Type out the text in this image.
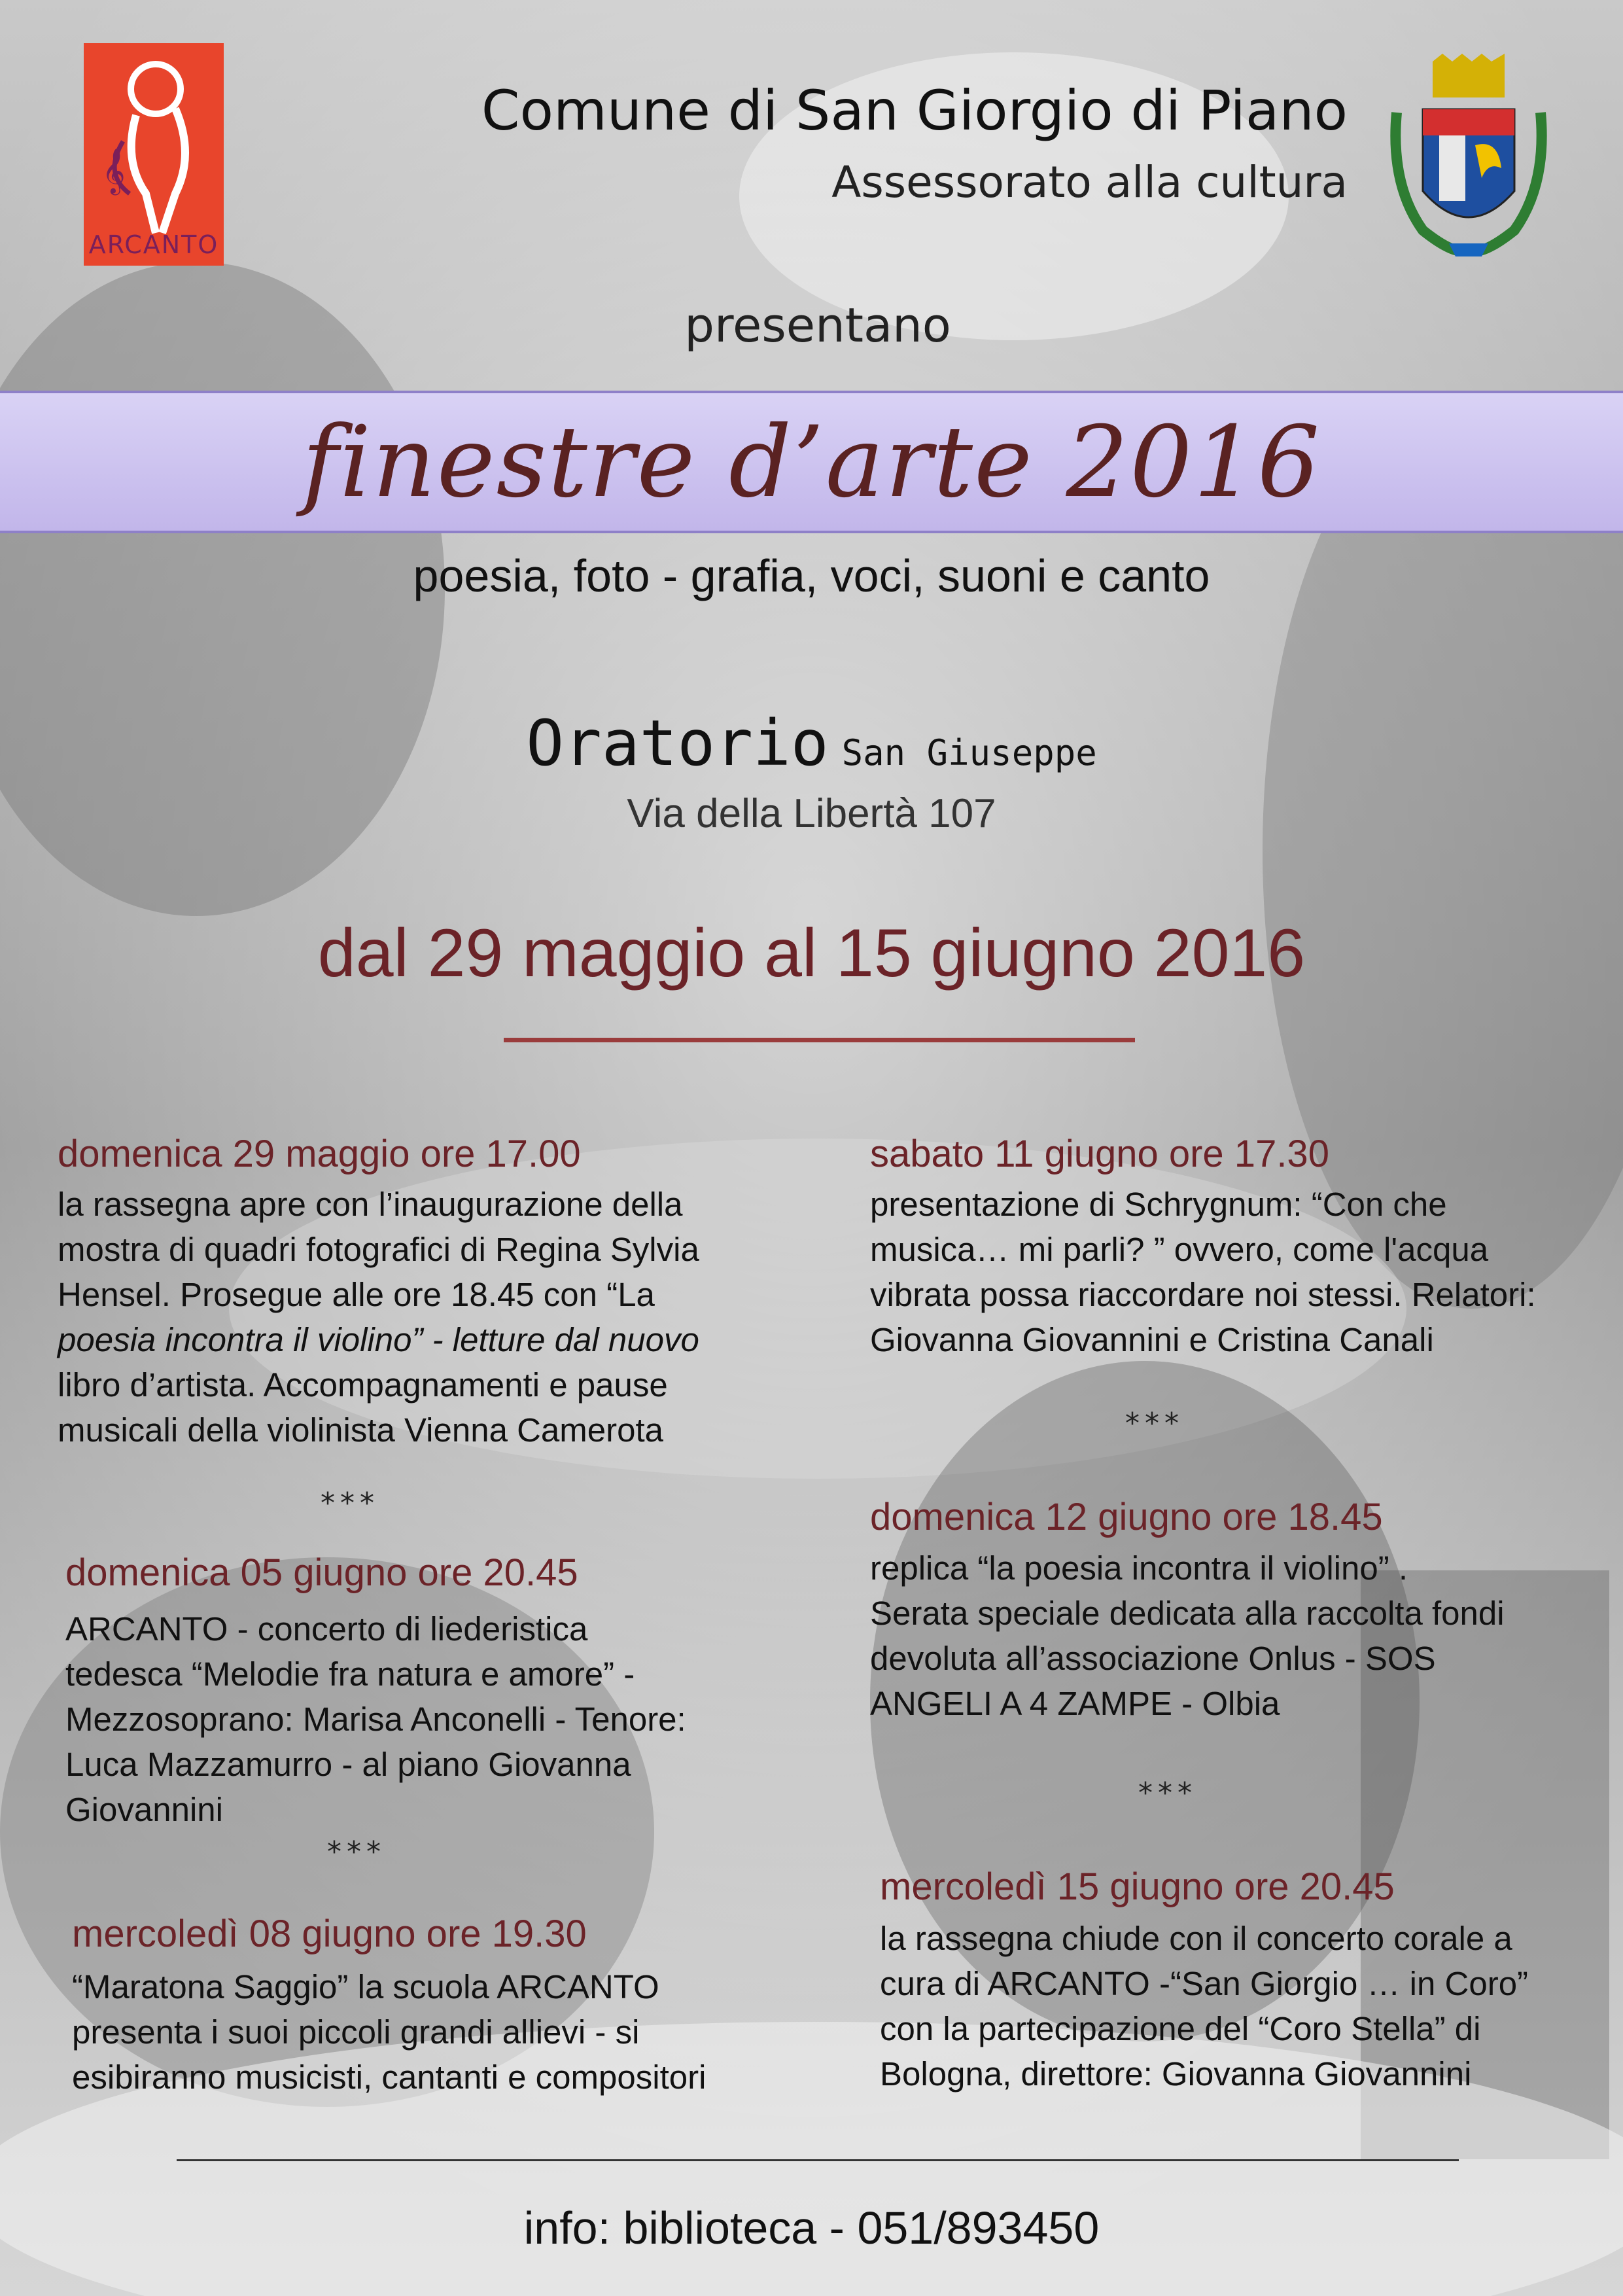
𝄞
ARCANTO
Comune di San Giorgio di Piano
Assessorato alla cultura
presentano
finestre d’arte 2016
poesia, foto - grafia, voci, suoni e canto
Oratorio San Giuseppe
Via della Libertà 107
dal 29 maggio al 15 giugno 2016
domenica 29 maggio ore 17.00
la rassegna apre con l’inaugurazione della
mostra di quadri fotografici di Regina Sylvia
Hensel. Prosegue alle ore 18.45 con “La
poesia incontra il violino” - letture dal nuovo
libro d’artista. Accompagnamenti e pause
musicali della violinista Vienna Camerota
***
domenica 05 giugno ore 20.45
ARCANTO - concerto di liederistica
tedesca “Melodie fra natura e amore” -
Mezzosoprano: Marisa Anconelli - Tenore:
Luca Mazzamurro - al piano Giovanna
Giovannini
***
mercoledì 08 giugno ore 19.30
“Maratona Saggio” la scuola ARCANTO
presenta i suoi piccoli grandi allievi - si
esibiranno musicisti, cantanti e compositori
sabato 11 giugno ore 17.30
presentazione di Schrygnum: “Con che
musica… mi parli? ” ovvero, come l'acqua
vibrata possa riaccordare noi stessi. Relatori:
Giovanna Giovannini e Cristina Canali
***
domenica 12 giugno ore 18.45
replica “la poesia incontra il violino” .
Serata speciale dedicata alla raccolta fondi
devoluta all’associazione Onlus - SOS
ANGELI A 4 ZAMPE - Olbia
***
mercoledì 15 giugno ore 20.45
la rassegna chiude con il concerto corale a
cura di ARCANTO -“San Giorgio … in Coro”
con la partecipazione del “Coro Stella” di
Bologna, direttore: Giovanna Giovannini
info: biblioteca - 051/893450
